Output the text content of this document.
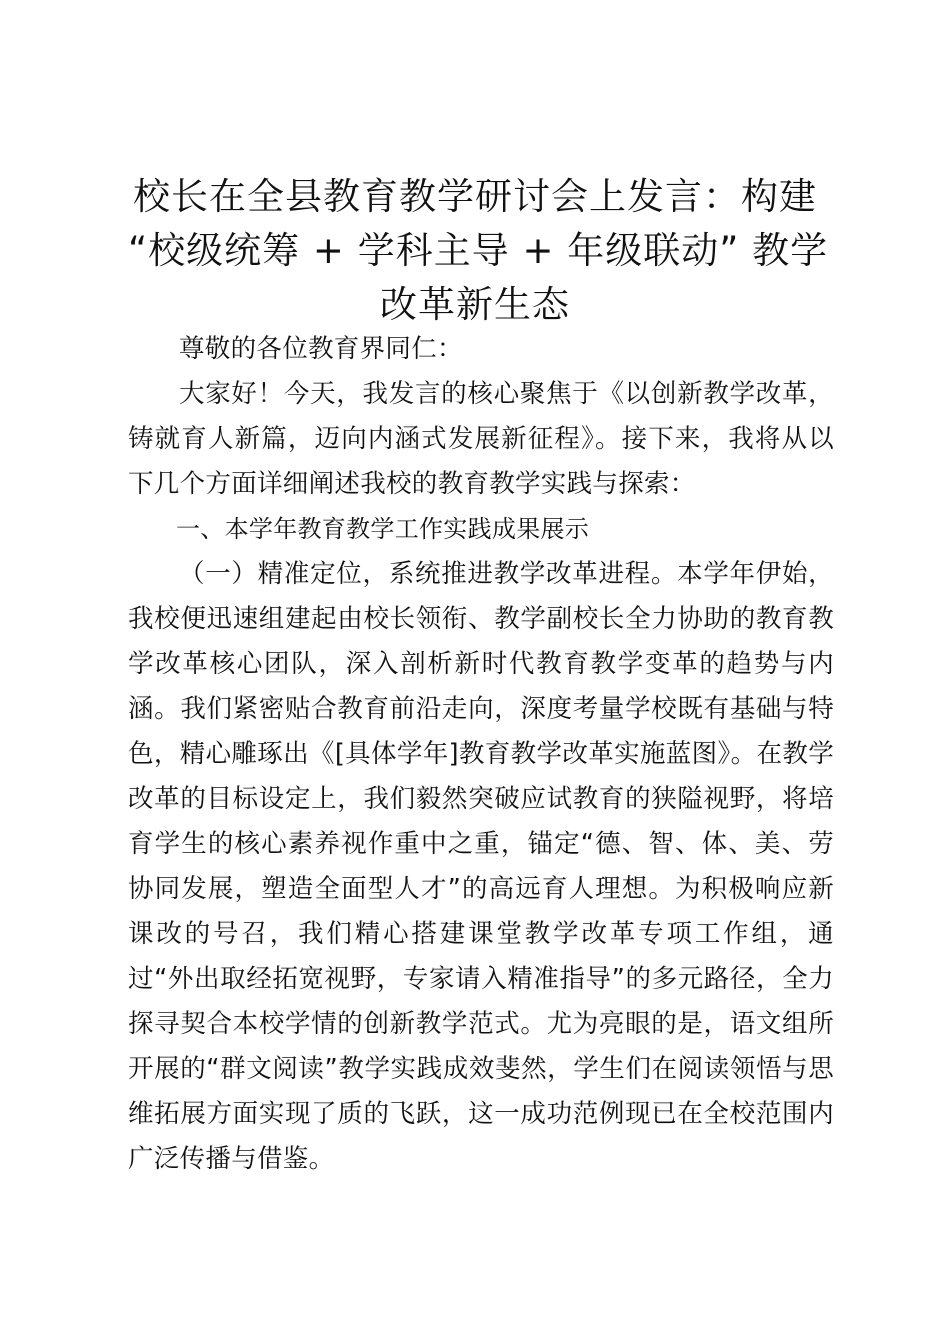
校长在全县教育教学研讨会上发言：构建
“校级统筹 + 学科主导 + 年级联动” 教学
改革新生态

尊敬的各位教育界同仁：

大家好！今天，我发言的核心聚焦于《以创新教学改革，铸就育人新篇，迈向内涵式发展新征程》。接下来，我将从以下几个方面详细阐述我校的教育教学实践与探索：

一、本学年教育教学工作实践成果展示

（一）精准定位，系统推进教学改革进程。本学年伊始，我校便迅速组建起由校长领衔、教学副校长全力协助的教育教学改革核心团队，深入剖析新时代教育教学变革的趋势与内涵。我们紧密贴合教育前沿走向，深度考量学校既有基础与特色，精心雕琢出《[具体学年]教育教学改革实施蓝图》。在教学改革的目标设定上，我们毅然突破应试教育的狭隘视野，将培育学生的核心素养视作重中之重，锚定“德、智、体、美、劳协同发展，塑造全面型人才”的高远育人理想。为积极响应新课改的号召，我们精心搭建课堂教学改革专项工作组，通过“外出取经拓宽视野，专家请入精准指导”的多元路径，全力探寻契合本校学情的创新教学范式。尤为亮眼的是，语文组所开展的“群文阅读”教学实践成效斐然，学生们在阅读领悟与思维拓展方面实现了质的飞跃，这一成功范例现已在全校范围内广泛传播与借鉴。
